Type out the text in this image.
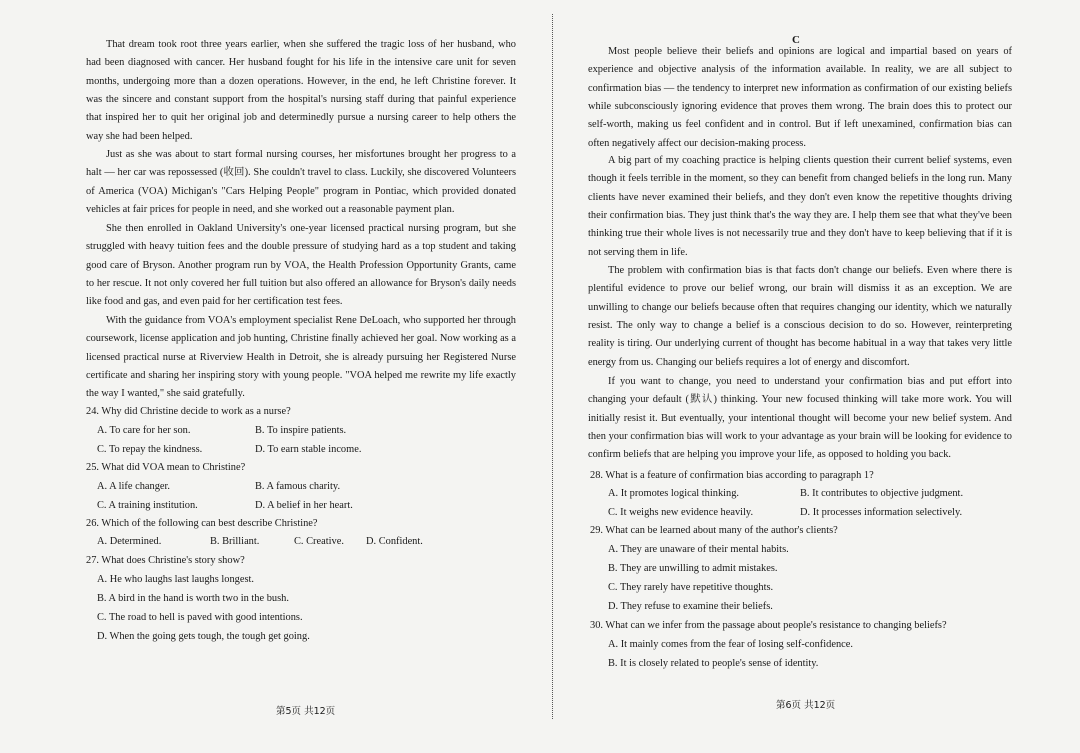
That dream took root three years earlier, when she suffered the tragic loss of her husband, who had been diagnosed with cancer. Her husband fought for his life in the intensive care unit for seven months, undergoing more than a dozen operations. However, in the end, he left Christine forever. It was the sincere and constant support from the hospital's nursing staff during that painful experience that inspired her to quit her original job and determinedly pursue a nursing career to help others the way she had been helped.

Just as she was about to start formal nursing courses, her misfortunes brought her progress to a halt — her car was repossessed (收回). She couldn't travel to class. Luckily, she discovered Volunteers of America (VOA) Michigan's "Cars Helping People" program in Pontiac, which provided donated vehicles at fair prices for people in need, and she worked out a reasonable payment plan.

She then enrolled in Oakland University's one-year licensed practical nursing program, but she struggled with heavy tuition fees and the double pressure of studying hard as a top student and taking good care of Bryson. Another program run by VOA, the Health Profession Opportunity Grants, came to her rescue. It not only covered her full tuition but also offered an allowance for Bryson's daily needs like food and gas, and even paid for her certification test fees.

With the guidance from VOA's employment specialist Rene DeLoach, who supported her through coursework, license application and job hunting, Christine finally achieved her goal. Now working as a licensed practical nurse at Riverview Health in Detroit, she is already pursuing her Registered Nurse certificate and sharing her inspiring story with young people. "VOA helped me rewrite my life exactly the way I wanted," she said gratefully.

24. Why did Christine decide to work as a nurse?

A. To care for her son.	B. To inspire patients.

C. To repay the kindness.	D. To earn stable income.

25. What did VOA mean to Christine?

A. A life changer.	B. A famous charity.

C. A training institution.	D. A belief in her heart.

26. Which of the following can best describe Christine?

A. Determined.	B. Brilliant.	C. Creative. D. Confident.

27. What does Christine's story show?

A. He who laughs last laughs longest.

B. A bird in the hand is worth two in the bush.

C. The road to hell is paved with good intentions.

D. When the going gets tough, the tough get going.

第5页 共12页

C

Most people believe their beliefs and opinions are logical and impartial based on years of experience and objective analysis of the information available. In reality, we are all subject to confirmation bias — the tendency to interpret new information as confirmation of our existing beliefs while subconsciously ignoring evidence that proves them wrong. The brain does this to protect our self-worth, making us feel confident and in control. But if left unexamined, confirmation bias can often negatively affect our decision-making process.

A big part of my coaching practice is helping clients question their current belief systems, even though it feels terrible in the moment, so they can benefit from changed beliefs in the long run. Many clients have never examined their beliefs, and they don't even know the repetitive thoughts driving their confirmation bias. They just think that's the way they are. I help them see that what they've been thinking true their whole lives is not necessarily true and they don't have to keep believing that if it is not serving them in life.

The problem with confirmation bias is that facts don't change our beliefs. Even where there is plentiful evidence to prove our belief wrong, our brain will dismiss it as an exception. We are unwilling to change our beliefs because often that requires changing our identity, which we naturally resist. The only way to change a belief is a conscious decision to do so. However, reinterpreting reality is tiring. Our underlying current of thought has become habitual in a way that takes very little energy from us. Changing our beliefs requires a lot of energy and discomfort.

If you want to change, you need to understand your confirmation bias and put effort into changing your default (默认) thinking. Your new focused thinking will take more work. You will initially resist it. But eventually, your intentional thought will become your new belief system. And then your confirmation bias will work to your advantage as your brain will be looking for evidence to confirm beliefs that are helping you improve your life, as opposed to holding you back.

28. What is a feature of confirmation bias according to paragraph 1?

A. It promotes logical thinking.	B. It contributes to objective judgment.

C. It weighs new evidence heavily.	D. It processes information selectively.

29. What can be learned about many of the author's clients?

A. They are unaware of their mental habits.

B. They are unwilling to admit mistakes.

C. They rarely have repetitive thoughts.

D. They refuse to examine their beliefs.

30. What can we infer from the passage about people's resistance to changing beliefs?

A. It mainly comes from the fear of losing self-confidence.

B. It is closely related to people's sense of identity.

第6页 共12页
